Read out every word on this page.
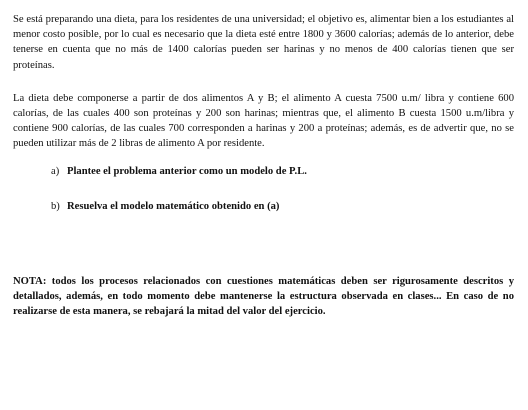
Se está preparando una dieta, para los residentes de una universidad; el objetivo es, alimentar bien a los estudiantes al menor costo posible, por lo cual es necesario que la dieta esté entre 1800 y 3600 calorías; además de lo anterior, debe tenerse en cuenta que no más de 1400 calorías pueden ser harinas y no menos de 400 calorías tienen que ser proteínas.

La dieta debe componerse a partir de dos alimentos A y B; el alimento A cuesta 7500 u.m/ libra y contiene 600 calorías, de las cuales 400 son proteínas y 200 son harinas; mientras que, el alimento B cuesta 1500 u.m/libra y contiene 900 calorías, de las cuales 700 corresponden a harinas y 200 a proteínas; además, es de advertir que, no se pueden utilizar más de 2 libras de alimento A por residente.

a) Plantee el problema anterior como un modelo de P.L.
b) Resuelva el modelo matemático obtenido en (a)

NOTA: todos los procesos relacionados con cuestiones matemáticas deben ser rigurosamente descritos y detallados, además, en todo momento debe mantenerse la estructura observada en clases... En caso de no realizarse de esta manera, se rebajará la mitad del valor del ejercicio.
